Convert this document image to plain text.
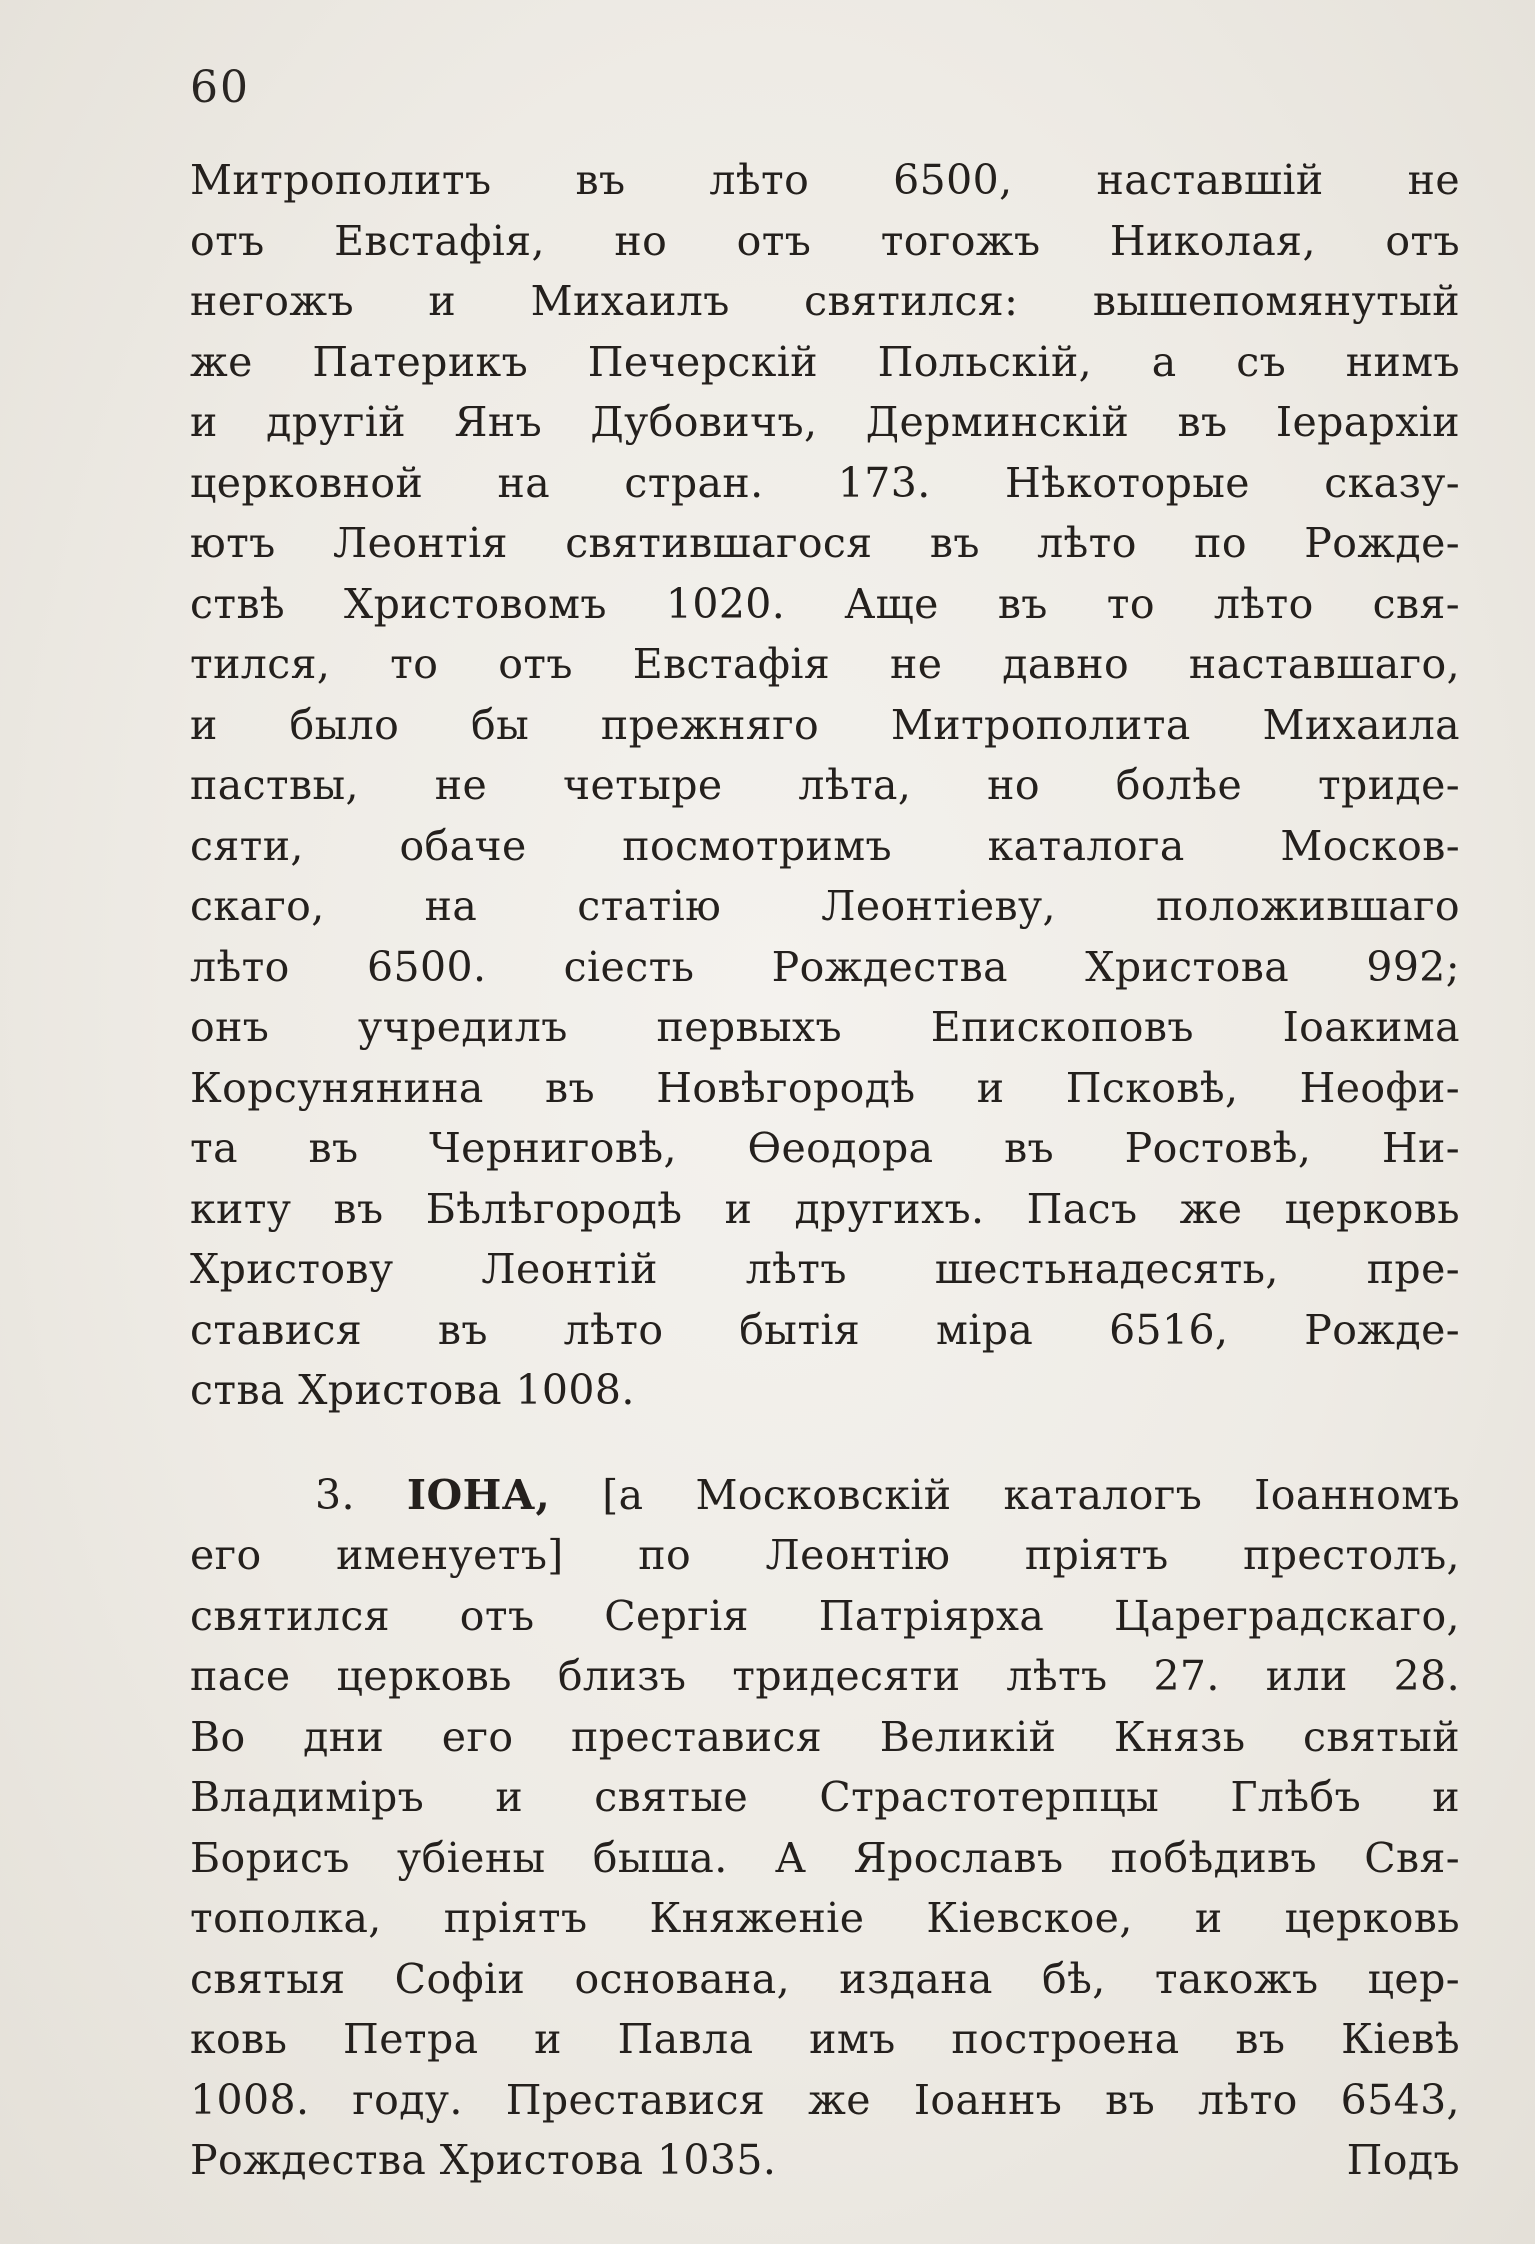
60
Митрополитъ въ лѣто 6500, наставшій не
отъ Евстафія, но отъ тогожъ Николая, отъ
негожъ и Михаилъ святился: вышепомянутый
же Патерикъ Печерскій Польскій, а съ нимъ
и другій Янъ Дубовичъ, Дерминскій въ Іерархіи
церковной на стран. 173. Нѣкоторые сказу-
ютъ Леонтія святившагося въ лѣто по Рожде-
ствѣ Христовомъ 1020. Аще въ то лѣто свя-
тился, то отъ Евстафія не давно наставшаго,
и было бы прежняго Митрополита Михаила
паствы, не четыре лѣта, но болѣе тридe-
сяти, обаче посмотримъ каталога Москов-
скаго, на статію Леонтіеву, положившаго
лѣто 6500. сіесть Рождества Христова 992;
онъ учредилъ первыхъ Епископовъ Іоакима
Корсунянина въ Новѣгородѣ и Псковѣ, Неофи-
та въ Черниговѣ, Ѳеодора въ Ростовѣ, Ни-
киту въ Бѣлѣгородѣ и другихъ. Пасъ же церковь
Христову Леонтій лѣтъ шестьнадесять, пре-
ставися въ лѣто бытія міра 6516, Рожде-
ства Христова 1008.
3. ІОНА, [а Московскій каталогъ Іоанномъ
его именуетъ] по Леонтію пріятъ престолъ,
святился отъ Сергія Патріярха Цареградскаго,
пасе церковь близъ тридесяти лѣтъ 27. или 28.
Во дни его преставися Великій Князь святый
Владиміръ и святые Страстотерпцы Глѣбъ и
Борисъ убіены быша. А Ярославъ побѣдивъ Свя-
тополка, пріятъ Княженіе Кіевское, и церковь
святыя Софіи основана, издана бѣ, такожъ цер-
ковь Петра и Павла имъ построена въ Кіевѣ
1008. году. Преставися же Іоаннъ въ лѣто 6543,
Рождества Христова 1035.	Подъ
